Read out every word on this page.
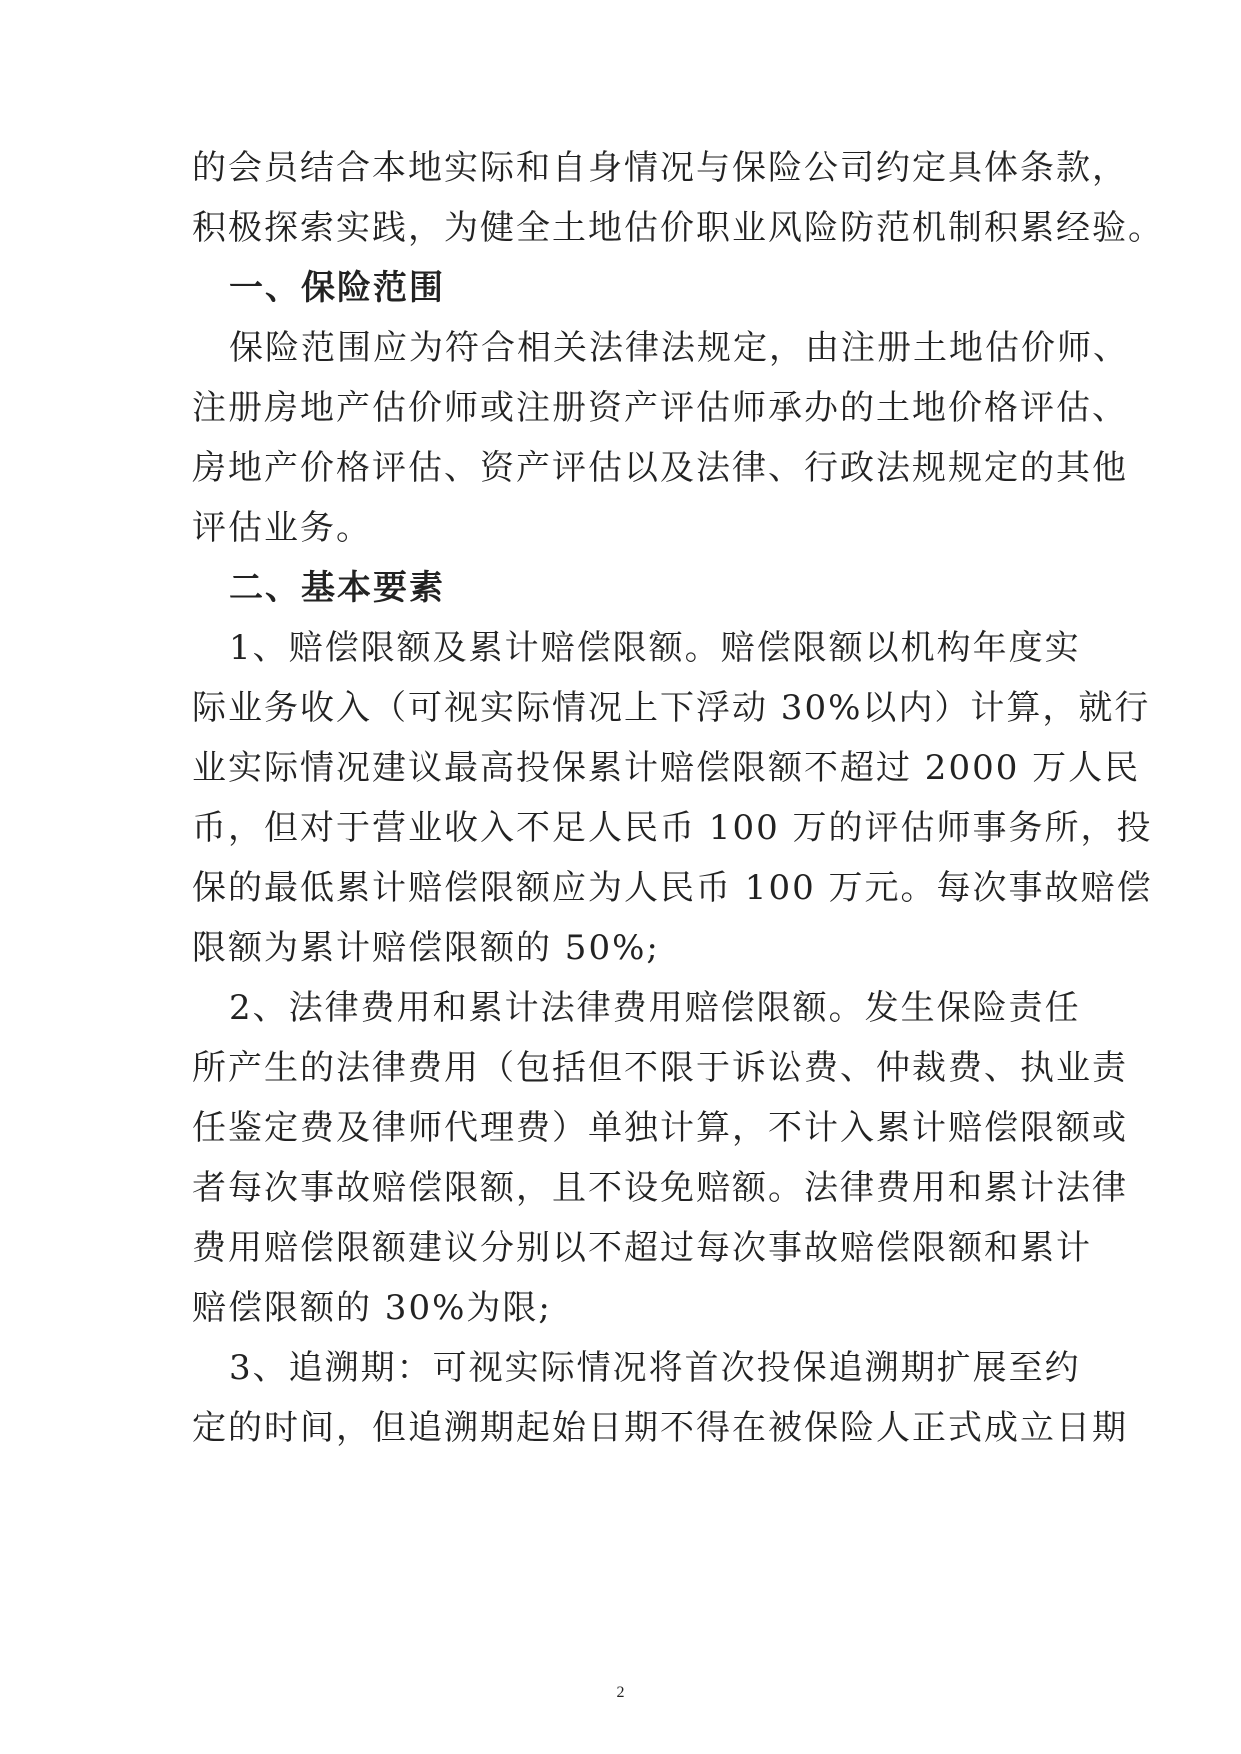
的会员结合本地实际和自身情况与保险公司约定具体条款，
积极探索实践，为健全土地估价职业风险防范机制积累经验。
一、保险范围
保险范围应为符合相关法律法规定，由注册土地估价师、
注册房地产估价师或注册资产评估师承办的土地价格评估、
房地产价格评估、资产评估以及法律、行政法规规定的其他
评估业务。
二、基本要素
1、赔偿限额及累计赔偿限额。赔偿限额以机构年度实
际业务收入（可视实际情况上下浮动 30%以内）计算，就行
业实际情况建议最高投保累计赔偿限额不超过 2000 万人民
币，但对于营业收入不足人民币 100 万的评估师事务所，投
保的最低累计赔偿限额应为人民币 100 万元。每次事故赔偿
限额为累计赔偿限额的 50%;
2、法律费用和累计法律费用赔偿限额。发生保险责任
所产生的法律费用（包括但不限于诉讼费、仲裁费、执业责
任鉴定费及律师代理费）单独计算，不计入累计赔偿限额或
者每次事故赔偿限额，且不设免赔额。法律费用和累计法律
费用赔偿限额建议分别以不超过每次事故赔偿限额和累计
赔偿限额的 30%为限;
3、追溯期：可视实际情况将首次投保追溯期扩展至约
定的时间，但追溯期起始日期不得在被保险人正式成立日期
2
